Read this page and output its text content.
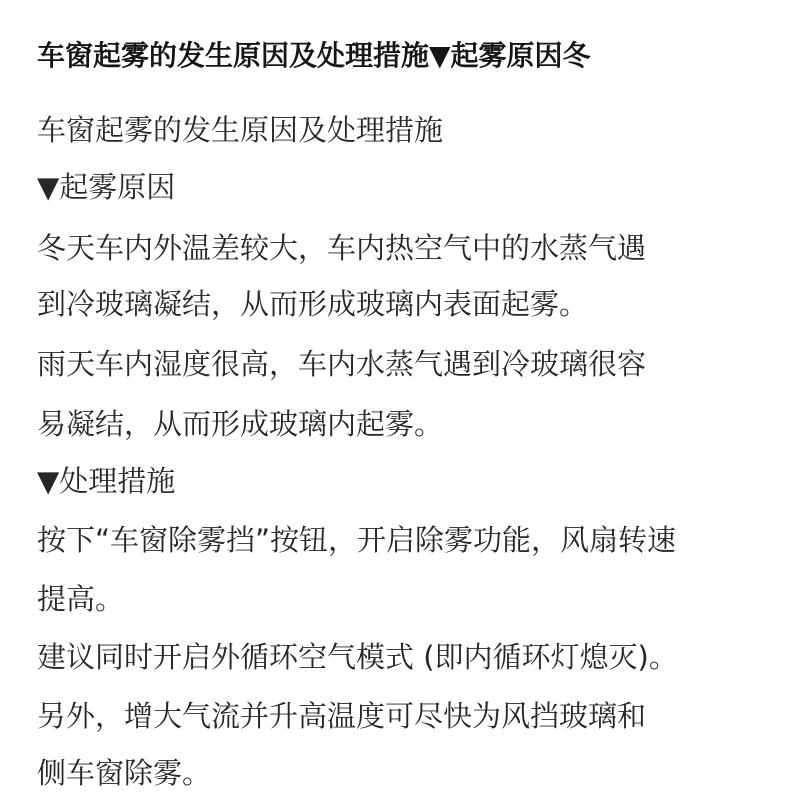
车窗起雾的发生原因及处理措施▼起雾原因冬
车窗起雾的发生原因及处理措施
▼起雾原因
冬天车内外温差较大，车内热空气中的水蒸气遇
到冷玻璃凝结，从而形成玻璃内表面起雾。
雨天车内湿度很高，车内水蒸气遇到冷玻璃很容
易凝结，从而形成玻璃内起雾。
▼处理措施
按下“车窗除雾挡”按钮，开启除雾功能，风扇转速
提高。
建议同时开启外循环空气模式 (即内循环灯熄灭)。
另外，增大气流并升高温度可尽快为风挡玻璃和
侧车窗除雾。
